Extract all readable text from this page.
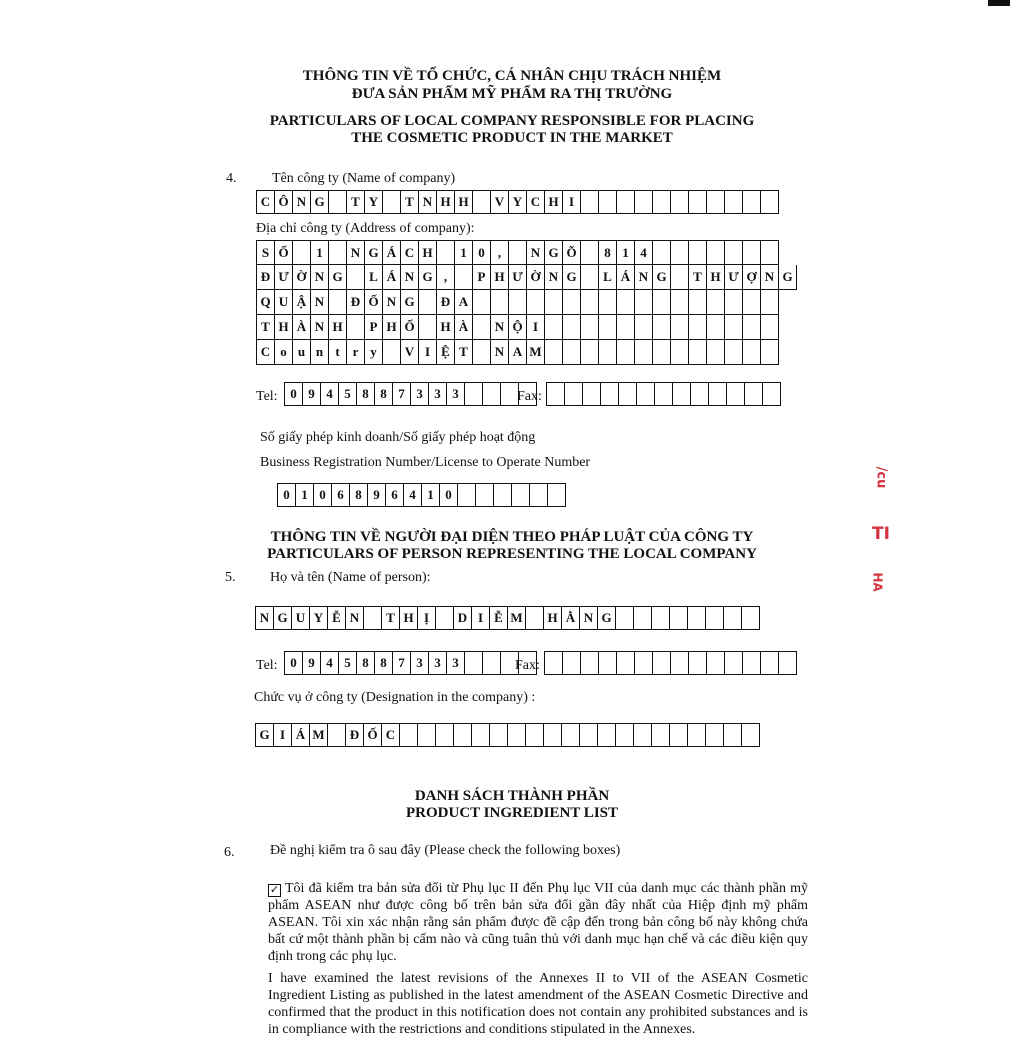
THÔNG TIN VỀ TỔ CHỨC, CÁ NHÂN CHỊU TRÁCH NHIỆM
ĐƯA SẢN PHẨM MỸ PHẨM RA THỊ TRƯỜNG
PARTICULARS OF LOCAL COMPANY RESPONSIBLE FOR PLACING
THE COSMETIC PRODUCT IN THE MARKET
4.	Tên công ty (Name of company)
C Ô N G	T Y	T N H H	V Y C H I
Địa chỉ công ty (Address of company):
S Ố	1	N G Á C H	1 0	,	N G Õ	8 1 4
Đ Ư Ờ N G	L Á N G ,	P H Ư Ờ N G	L Á N G	T H Ư Ợ N G
Q U Ậ N	Đ Ố N G	Đ A
T H À N H	P H Ố	H À	N Ộ I
C o u n t r y	V I Ệ T	N A M
Tel: 0 9 4 5 8 8 7 3 3 3	Fax:
Số giấy phép kinh doanh/Số giấy phép hoạt động
Business Registration Number/License to Operate Number
0 1 0 6 8 9 6 4 1 0
THÔNG TIN VỀ NGƯỜI ĐẠI DIỆN THEO PHÁP LUẬT CỦA CÔNG TY
PARTICULARS OF PERSON REPRESENTING THE LOCAL COMPANY
5. Họ và tên (Name of person):
N G U Y Ễ N	T H Ị	D I Ễ M H Ằ N G
Tel: 0 9 4 5 8 8 7 3 3 3	Fax:
Chức vụ ở công ty (Designation in the company) :
G I Á M Đ Ố C
DANH SÁCH THÀNH PHẦN
PRODUCT INGREDIENT LIST
6.	Đề nghị kiểm tra ô sau đây (Please check the following boxes)
✓ Tôi đã kiểm tra bản sửa đổi từ Phụ lục II đến Phụ lục VII của danh mục các thành phần mỹ phẩm ASEAN như được công bố trên bản sửa đổi gần đây nhất của Hiệp định mỹ phẩm ASEAN. Tôi xin xác nhận rằng sản phẩm được đề cập đến trong bản công bố này không chứa bất cứ một thành phần bị cấm nào và cũng tuân thủ với danh mục hạn chế và các điều kiện quy định trong các phụ lục.
I have examined the latest revisions of the Annexes II to VII of the ASEAN Cosmetic Ingredient Listing as published in the latest amendment of the ASEAN Cosmetic Directive and confirmed that the product in this notification does not contain any prohibited substances and is in compliance with the restrictions and conditions stipulated in the Annexes.
/cu
TI
HA
